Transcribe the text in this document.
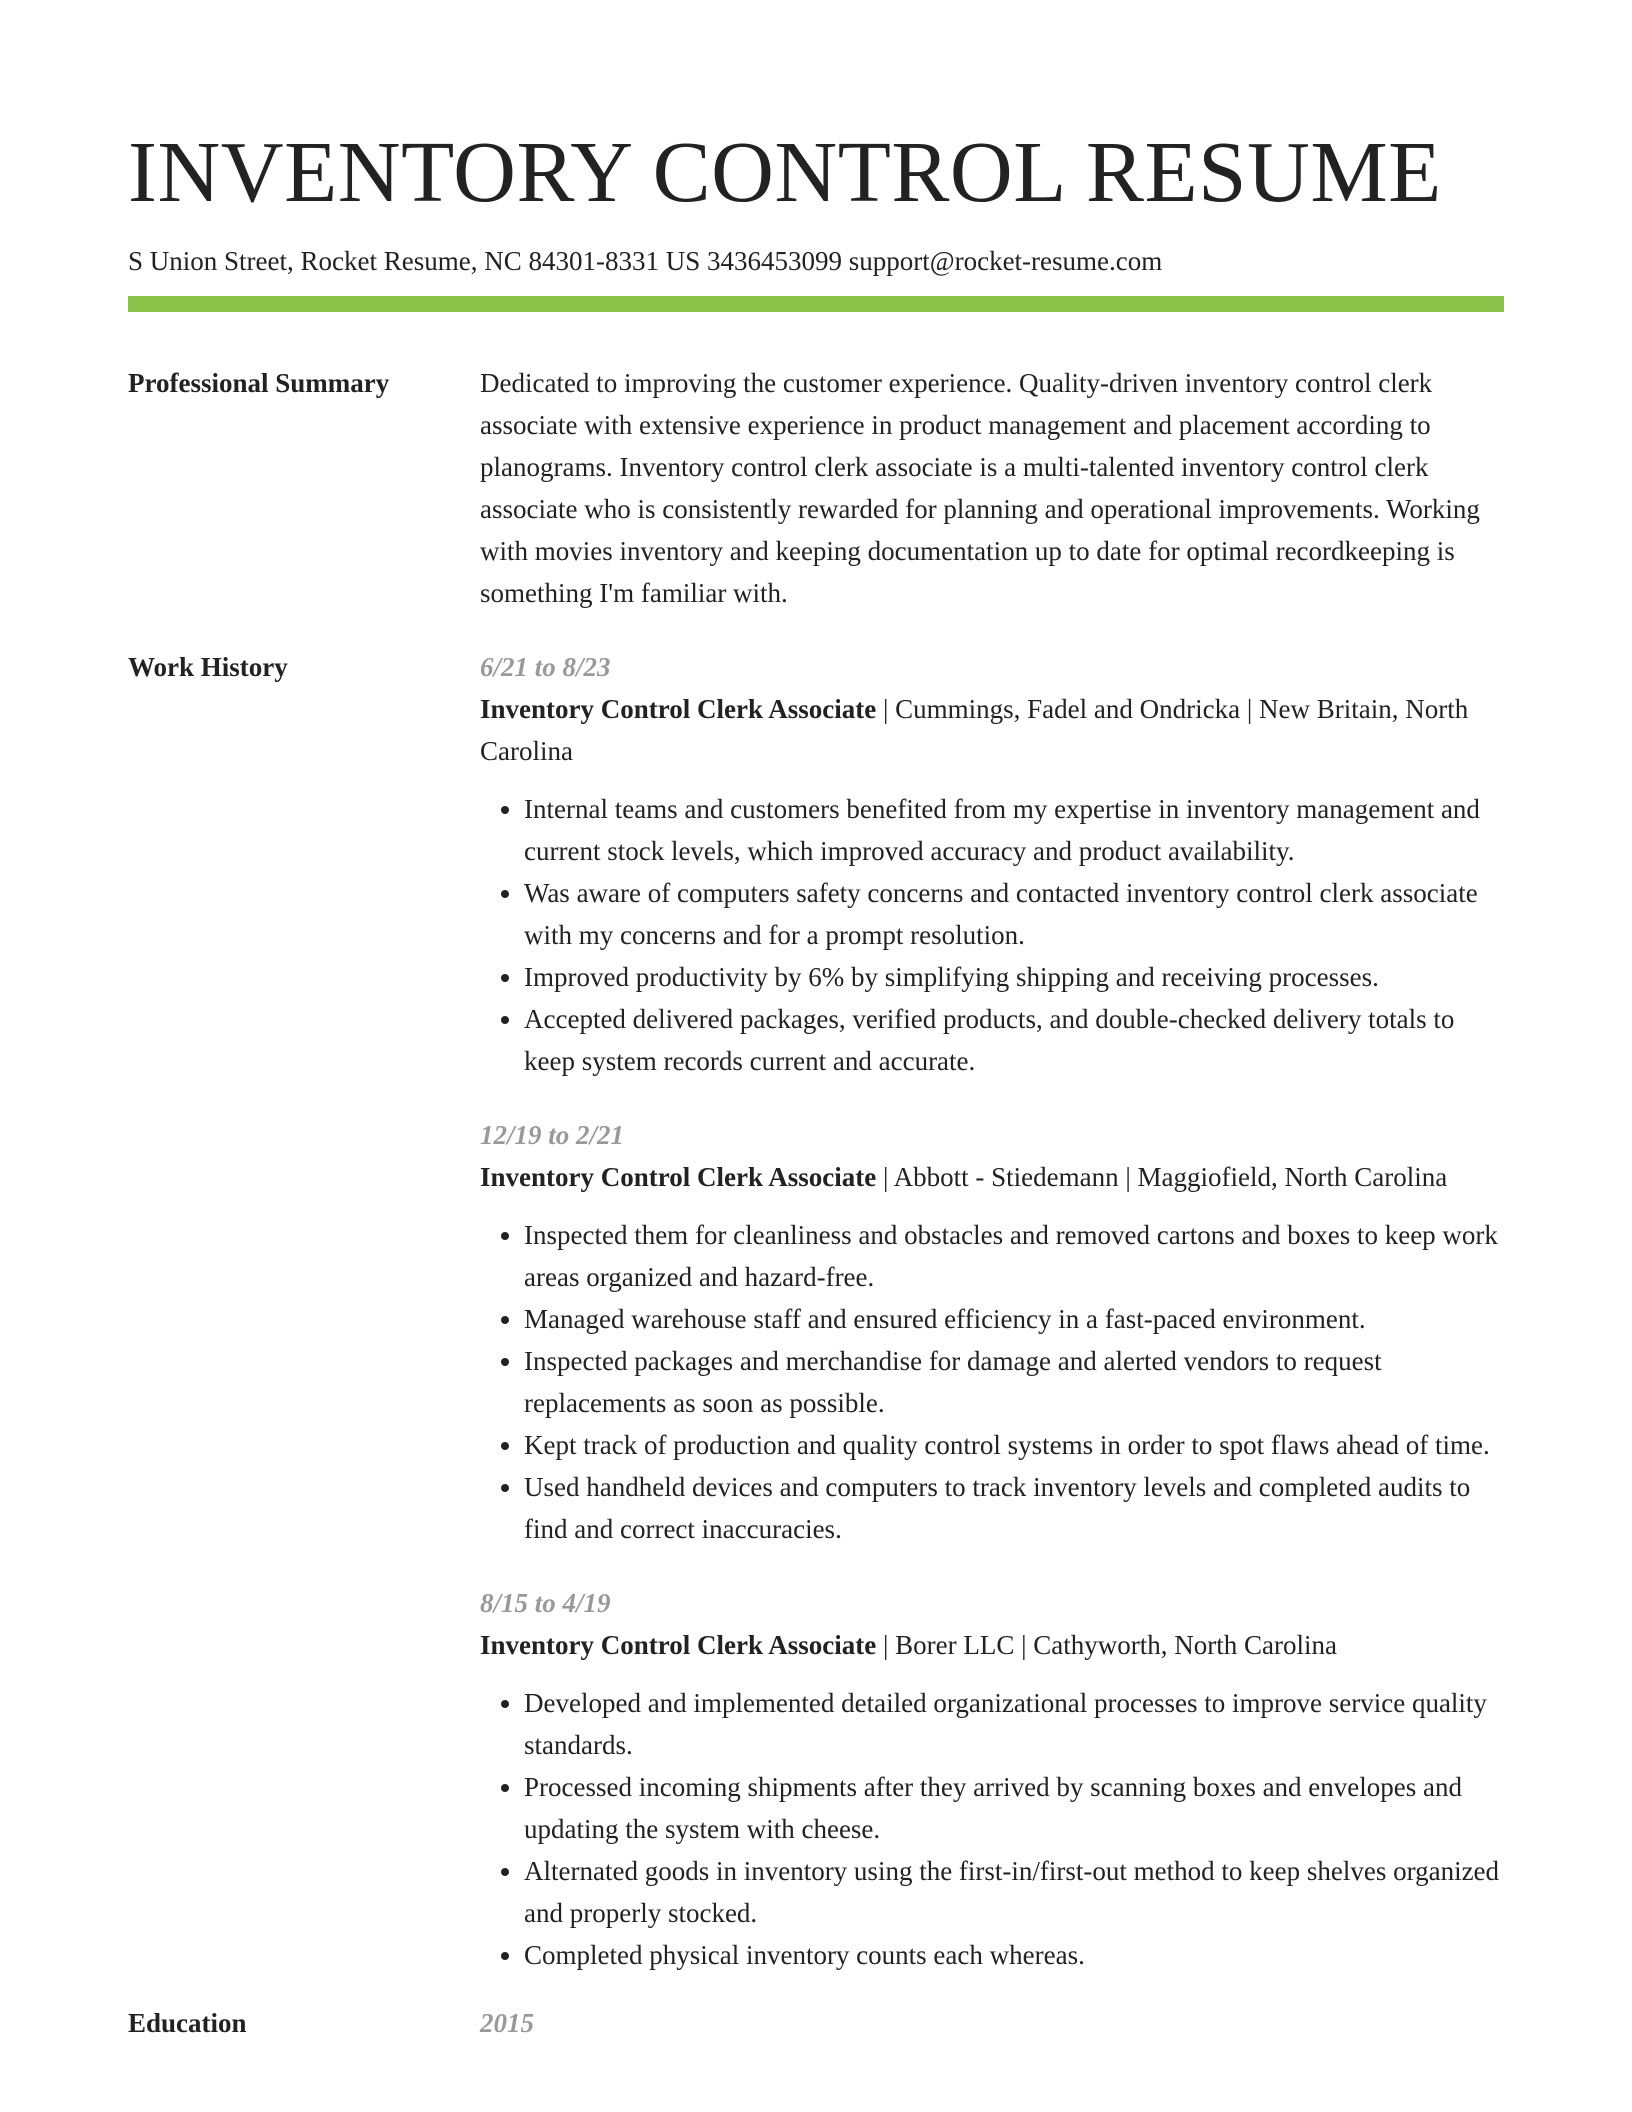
INVENTORY CONTROL RESUME
S Union Street, Rocket Resume, NC 84301-8331 US 3436453099 support@rocket-resume.com
Professional Summary	Dedicated to improving the customer experience. Quality-driven inventory control clerk associate with extensive experience in product management and placement according to planograms. Inventory control clerk associate is a multi-talented inventory control clerk associate who is consistently rewarded for planning and operational improvements. Working with movies inventory and keeping documentation up to date for optimal recordkeeping is something I'm familiar with.
Work History	6/21 to 8/23
Inventory Control Clerk Associate | Cummings, Fadel and Ondricka | New Britain, North Carolina
• Internal teams and customers benefited from my expertise in inventory management and current stock levels, which improved accuracy and product availability.
• Was aware of computers safety concerns and contacted inventory control clerk associate with my concerns and for a prompt resolution.
• Improved productivity by 6% by simplifying shipping and receiving processes.
• Accepted delivered packages, verified products, and double-checked delivery totals to keep system records current and accurate.
12/19 to 2/21
Inventory Control Clerk Associate | Abbott - Stiedemann | Maggiofield, North Carolina
• Inspected them for cleanliness and obstacles and removed cartons and boxes to keep work areas organized and hazard-free.
• Managed warehouse staff and ensured efficiency in a fast-paced environment.
• Inspected packages and merchandise for damage and alerted vendors to request replacements as soon as possible.
• Kept track of production and quality control systems in order to spot flaws ahead of time.
• Used handheld devices and computers to track inventory levels and completed audits to find and correct inaccuracies.
8/15 to 4/19
Inventory Control Clerk Associate | Borer LLC | Cathyworth, North Carolina
• Developed and implemented detailed organizational processes to improve service quality standards.
• Processed incoming shipments after they arrived by scanning boxes and envelopes and updating the system with cheese.
• Alternated goods in inventory using the first-in/first-out method to keep shelves organized and properly stocked.
• Completed physical inventory counts each whereas.
Education	2015
